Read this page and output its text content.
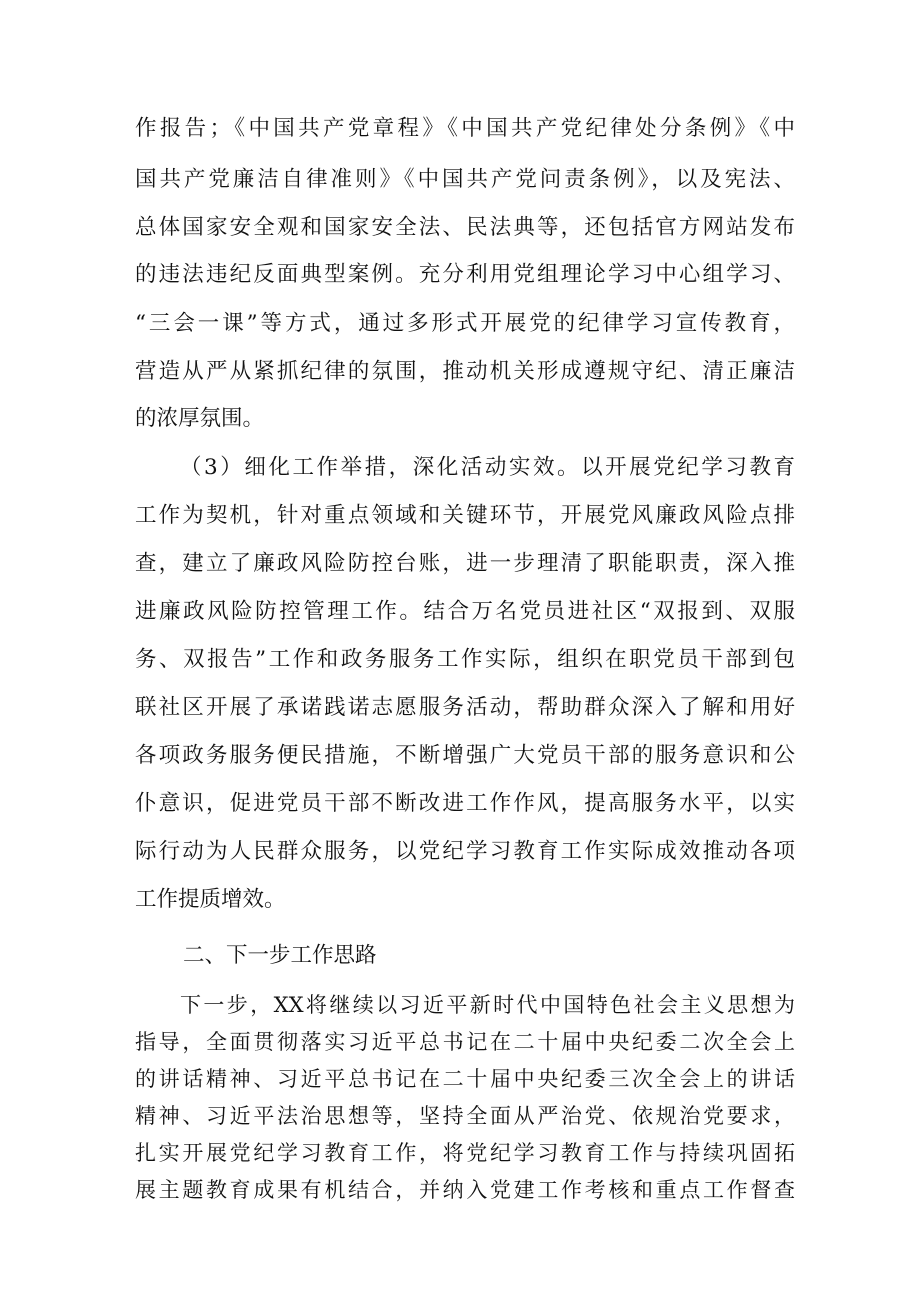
作报告；《中国共产党章程》《中国共产党纪律处分条例》《中
国共产党廉洁自律准则》《中国共产党问责条例》，以及宪法、
总体国家安全观和国家安全法、民法典等，还包括官方网站发布
的违法违纪反面典型案例。充分利用党组理论学习中心组学习、
“三会一课”等方式，通过多形式开展党的纪律学习宣传教育，
营造从严从紧抓纪律的氛围，推动机关形成遵规守纪、清正廉洁
的浓厚氛围。
（3）细化工作举措，深化活动实效。以开展党纪学习教育
工作为契机，针对重点领域和关键环节，开展党风廉政风险点排
查，建立了廉政风险防控台账，进一步理清了职能职责，深入推
进廉政风险防控管理工作。结合万名党员进社区“双报到、双服
务、双报告”工作和政务服务工作实际，组织在职党员干部到包
联社区开展了承诺践诺志愿服务活动，帮助群众深入了解和用好
各项政务服务便民措施，不断增强广大党员干部的服务意识和公
仆意识，促进党员干部不断改进工作作风，提高服务水平，以实
际行动为人民群众服务，以党纪学习教育工作实际成效推动各项
工作提质增效。
二、下一步工作思路
下一步，XX将继续以习近平新时代中国特色社会主义思想为
指导，全面贯彻落实习近平总书记在二十届中央纪委二次全会上
的讲话精神、习近平总书记在二十届中央纪委三次全会上的讲话
精神、习近平法治思想等，坚持全面从严治党、依规治党要求，
扎实开展党纪学习教育工作，将党纪学习教育工作与持续巩固拓
展主题教育成果有机结合，并纳入党建工作考核和重点工作督查
